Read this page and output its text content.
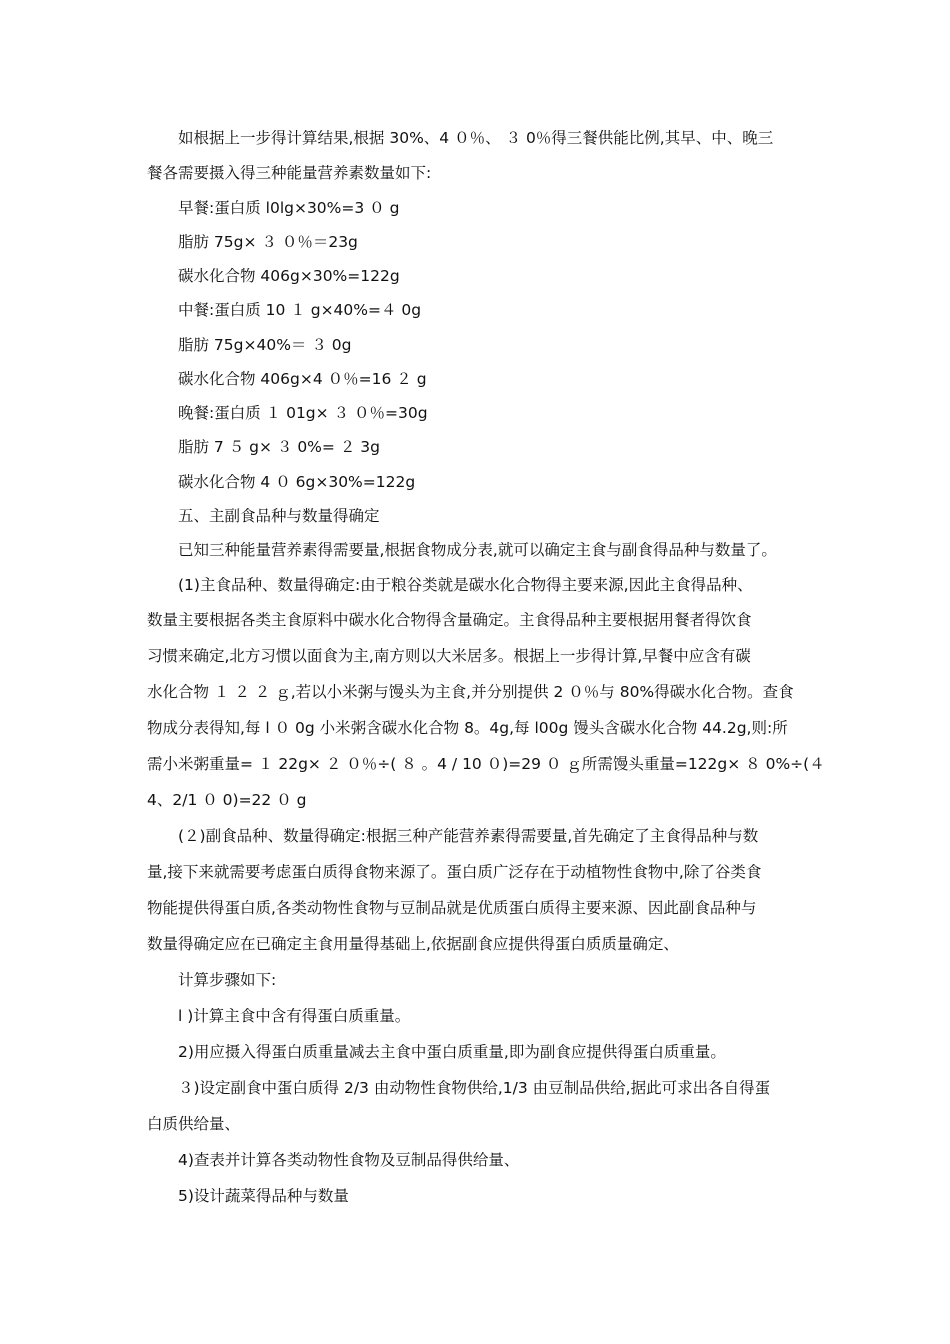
如根据上一步得计算结果,根据 30%、4 ０％、 ３ 0％得三餐供能比例,其早、中、晚三
餐各需要摄入得三种能量营养素数量如下:
早餐:蛋白质 l0lg×30%=3 ０ g
脂肪 75g× ３ ０％＝23g
碳水化合物 406g×30%=122g
中餐:蛋白质 10 １ g×40%=４ 0g
脂肪 75g×40%＝ ３ 0g
碳水化合物 406g×4 ０％=16 ２ g
晚餐:蛋白质 １ 01g× ３ ０％=30g
脂肪 7 ５ g× ３ 0%= ２ 3g
碳水化合物 4 ０ 6g×30%=122g
五、主副食品种与数量得确定
已知三种能量营养素得需要量,根据食物成分表,就可以确定主食与副食得品种与数量了。
(1)主食品种、数量得确定:由于粮谷类就是碳水化合物得主要来源,因此主食得品种、
数量主要根据各类主食原料中碳水化合物得含量确定。主食得品种主要根据用餐者得饮食
习惯来确定,北方习惯以面食为主,南方则以大米居多。根据上一步得计算,早餐中应含有碳
水化合物 １ ２ ２ ｇ,若以小米粥与馒头为主食,并分别提供 2 ０％与 80%得碳水化合物。查食
物成分表得知,每 l ０ 0g 小米粥含碳水化合物 8。4g,每 l00g 馒头含碳水化合物 44.2g,则:所
需小米粥重量= １ 22g× ２ ０％÷( ８ 。4 / 10 ０)=29 ０ ｇ所需馒头重量=122g× ８ 0%÷(４
4、2/1 ０ 0)=22 ０ g
(２)副食品种、数量得确定:根据三种产能营养素得需要量,首先确定了主食得品种与数
量,接下来就需要考虑蛋白质得食物来源了。蛋白质广泛存在于动植物性食物中,除了谷类食
物能提供得蛋白质,各类动物性食物与豆制品就是优质蛋白质得主要来源、因此副食品种与
数量得确定应在已确定主食用量得基础上,依据副食应提供得蛋白质质量确定、
计算步骤如下:
l )计算主食中含有得蛋白质重量。
2)用应摄入得蛋白质重量减去主食中蛋白质重量,即为副食应提供得蛋白质重量。
３)设定副食中蛋白质得 2/3 由动物性食物供给,1/3 由豆制品供给,据此可求出各自得蛋
白质供给量、
4)查表并计算各类动物性食物及豆制品得供给量、
5)设计蔬菜得品种与数量
